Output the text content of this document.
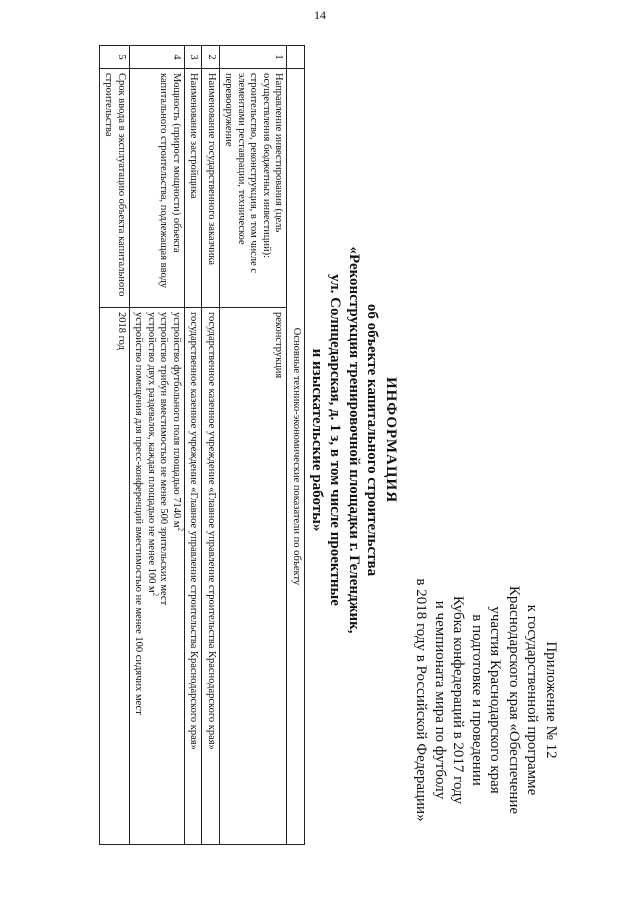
14
Приложение № 12
к государственной программе
Краснодарского края «Обеспечение
участия Краснодарского края
в подготовке и проведении
Кубка конфедераций в 2017 году
и чемпионата мира по футболу
в 2018 году в Российской Федерации»
ИНФОРМАЦИЯ
об объекте капитального строительства
«Реконструкция тренировочной площадки г. Геленджик,
ул. Солнцедарская, д. 1 з, в том числе проектные
и изыскательские работы»
	Основные технико-экономические показатели по объекту	
1	Направление инвестирования (цель осуществления бюджетных инвестиций): строительство, реконструкция, в том числе с элементами реставрации, техническое перевооружение	реконструкция

2	Наименование государственного заказчика	государственное казенное учреждение «Главное управление строительства Краснодарского края»

3	Наименование застройщика	государственное казенное учреждение «Главное управление строительства Краснодарского края»

4	Мощность (прирост мощности) объекта капитального строительства, подлежащая вводу	устройство футбольного поля площадью 7140 $м^2$
устройство трибун вместимостью не менее 500 зрительских мест
устройство двух раздевалок, каждая площадью не менее 100 $м^2$
устройство помещения для пресс-конференций вместимостью не менее 100 сидячих мест

5	Срок ввода в эксплуатацию объекта капитального строительства	2018 год
